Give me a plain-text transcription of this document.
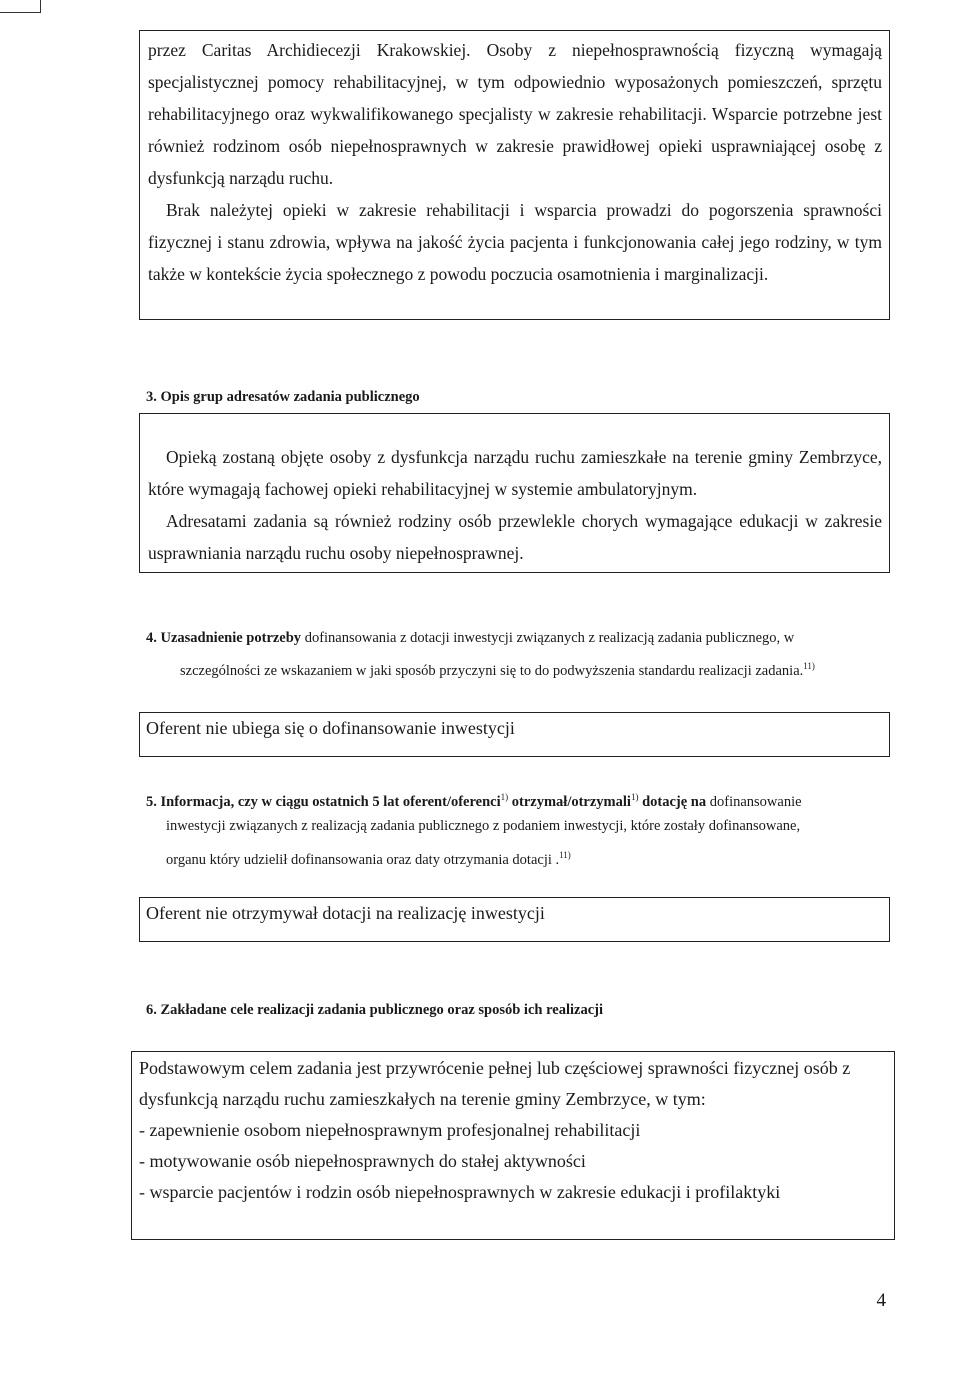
przez Caritas Archidiecezji Krakowskiej. Osoby z niepełnosprawnością fizyczną wymagają specjalistycznej pomocy rehabilitacyjnej, w tym odpowiednio wyposażonych pomieszczeń, sprzętu rehabilitacyjnego oraz wykwalifikowanego specjalisty w zakresie rehabilitacji. Wsparcie potrzebne jest również rodzinom osób niepełnosprawnych w zakresie prawidłowej opieki usprawniającej osobę z dysfunkcją narządu ruchu.

Brak należytej opieki w zakresie rehabilitacji i wsparcia prowadzi do pogorszenia sprawności fizycznej i stanu zdrowia, wpływa na jakość życia pacjenta i funkcjonowania całej jego rodziny, w tym także w kontekście życia społecznego z powodu poczucia osamotnienia i marginalizacji.

3. Opis grup adresatów zadania publicznego

Opieką zostaną objęte osoby z dysfunkcja narządu ruchu zamieszkałe na terenie gminy Zembrzyce, które wymagają fachowej opieki rehabilitacyjnej w systemie ambulatoryjnym.

Adresatami zadania są również rodziny osób przewlekle chorych wymagające edukacji w zakresie usprawniania narządu ruchu osoby niepełnosprawnej.

4. Uzasadnienie potrzeby dofinansowania z dotacji inwestycji związanych z realizacją zadania publicznego, w
szczególności ze wskazaniem w jaki sposób przyczyni się to do podwyższenia standardu realizacji zadania.$^{11)}$

Oferent nie ubiega się o dofinansowanie inwestycji

5. Informacja, czy w ciągu ostatnich 5 lat oferent/oferenci$^{1)}$ otrzymał/otrzymali$^{1)}$ dotację na dofinansowanie
inwestycji związanych z realizacją zadania publicznego z podaniem inwestycji, które zostały dofinansowane,
organu który udzielił dofinansowania oraz daty otrzymania dotacji .$^{11)}$

Oferent nie otrzymywał dotacji na realizację inwestycji

6. Zakładane cele realizacji zadania publicznego oraz sposób ich realizacji

Podstawowym celem zadania jest przywrócenie pełnej lub częściowej sprawności fizycznej osób z

dysfunkcją narządu ruchu zamieszkałych na terenie gminy Zembrzyce, w tym:

- zapewnienie osobom niepełnosprawnym profesjonalnej rehabilitacji

- motywowanie osób niepełnosprawnych do stałej aktywności

- wsparcie pacjentów i rodzin osób niepełnosprawnych w zakresie edukacji i profilaktyki

4
